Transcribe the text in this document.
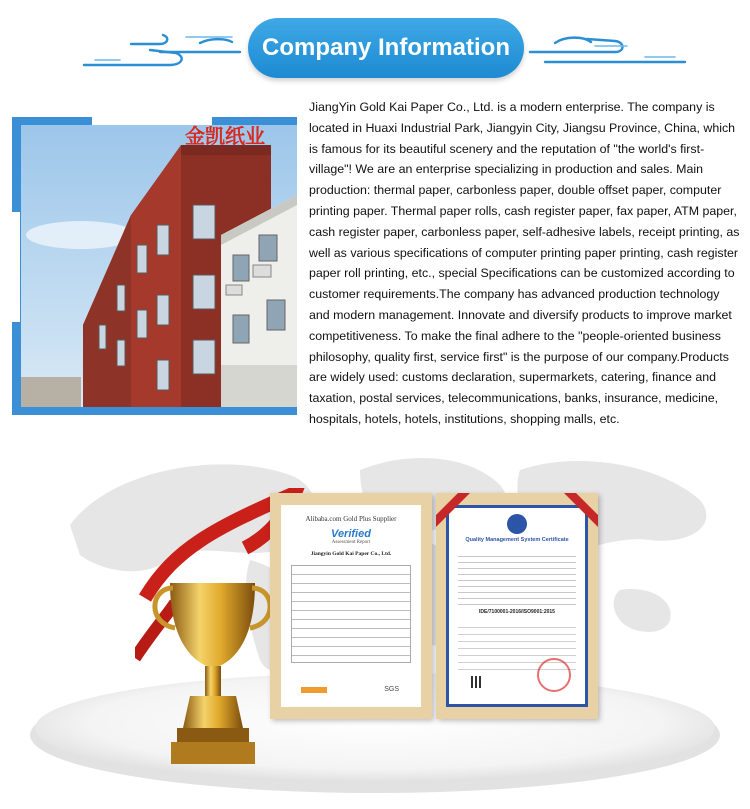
Company Information
金凯纸业
JiangYin Gold Kai Paper Co., Ltd. is a modern enterprise. The company is located in Huaxi Industrial Park, Jiangyin City, Jiangsu Province, China, which is famous for its beautiful scenery and the reputation of "the world's first-village"! We are an enterprise specializing in production and sales. Main production: thermal paper, carbonless paper, double offset paper, computer printing paper. Thermal paper rolls, cash register paper, fax paper, ATM paper, cash register paper, carbonless paper, self-adhesive labels, receipt printing, as well as various specifications of computer printing paper printing, cash register paper roll printing, etc., special Specifications can be customized according to customer requirements.The company has advanced production technology and modern management. Innovate and diversify products to improve market competitiveness. To make the final adhere to the "people-oriented business philosophy, quality first, service first" is the purpose of our company.Products are widely used: customs declaration, supermarkets, catering, finance and taxation, postal services, telecommunications, banks, insurance, medicine, hospitals, hotels, hotels, institutions, shopping malls, etc.
Alibaba.com Gold Plus Supplier
Verified
Assessment Report
Jiangyin Gold Kai Paper Co., Ltd.
SGS
Quality Management System Certificate
IDE/7100001-2016/ISO9001:2015
